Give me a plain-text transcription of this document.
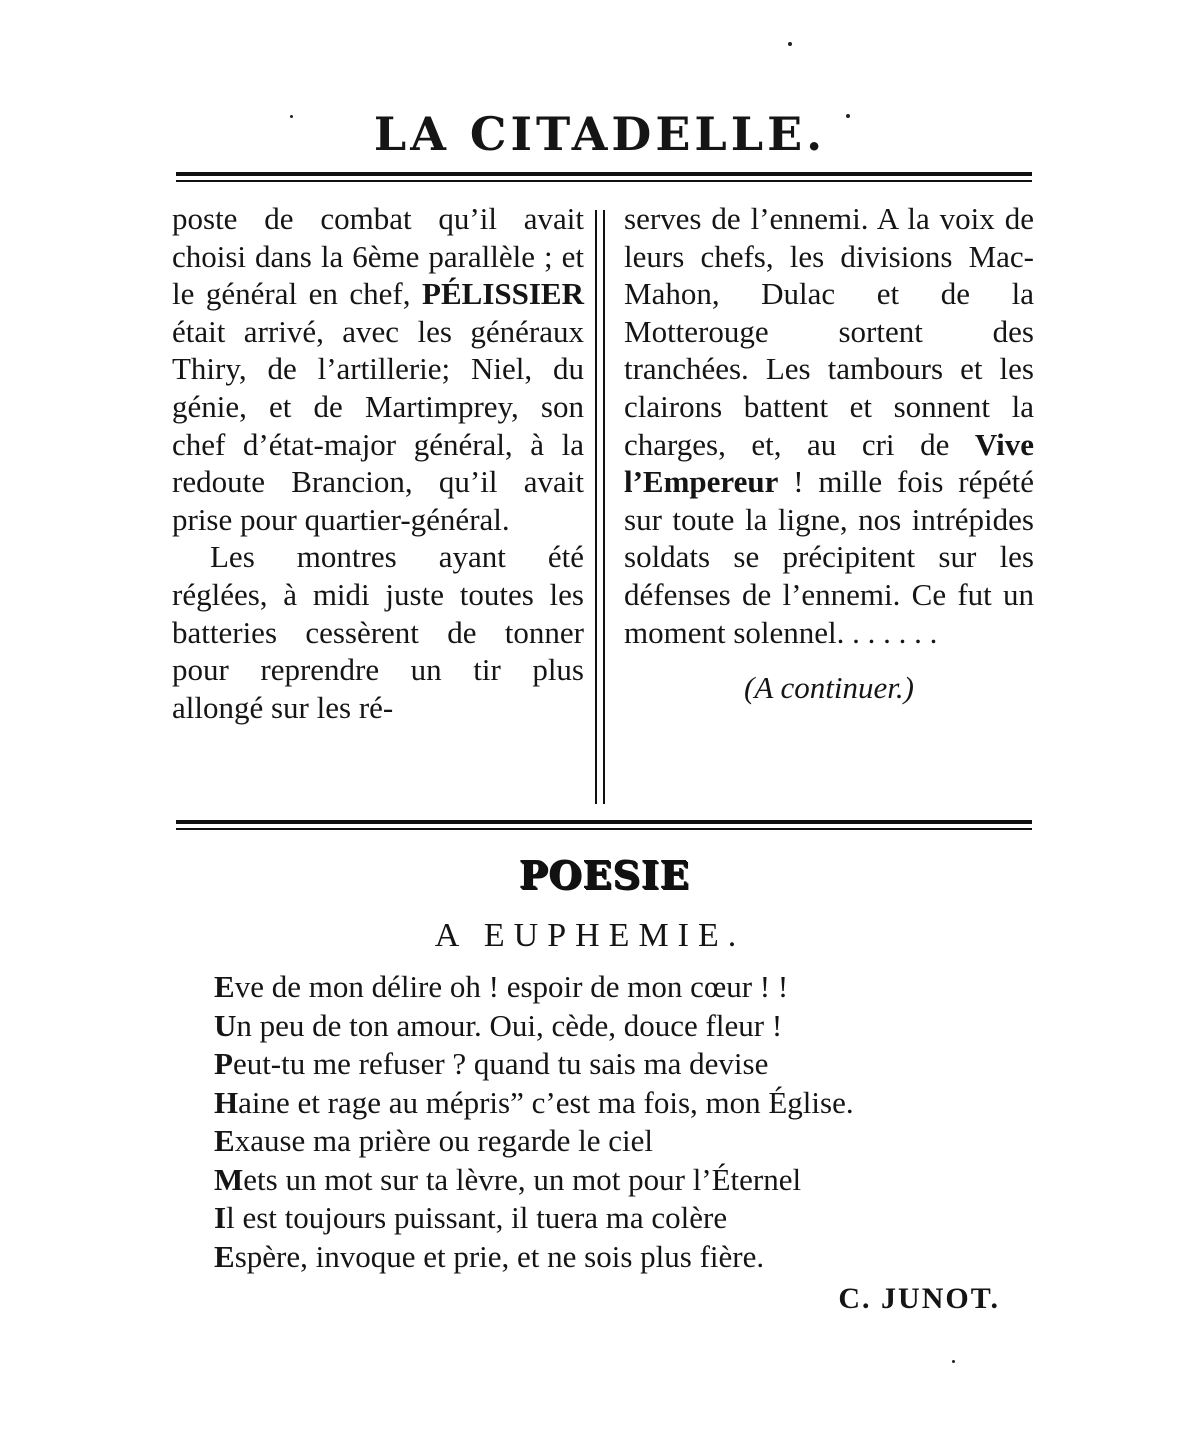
LA CITADELLE.

poste de combat qu’il avait choisi dans la 6ème parallèle ; et le général en chef, PÉLISSIER était arrivé, avec les généraux Thiry, de l’artillerie; Niel, du génie, et de Martimprey, son chef d’état-major général, à la redoute Brancion, qu’il avait prise pour quartier-général.

Les montres ayant été réglées, à midi juste toutes les batteries cessèrent de tonner pour reprendre un tir plus allongé sur les ré-

serves de l’ennemi. A la voix de leurs chefs, les divisions Mac-Mahon, Dulac et de la Motterouge sortent des tranchées. Les tambours et les clairons battent et sonnent la charges, et, au cri de Vive l’Empereur ! mille fois répété sur toute la ligne, nos intrépides soldats se précipitent sur les défenses de l’ennemi. Ce fut un moment solennel. . . . . . .

(A continuer.)

POESIE
A EUPHEMIE.
Eve de mon délire oh ! espoir de mon cœur ! !
Un peu de ton amour. Oui, cède, douce fleur !
Peut-tu me refuser ? quand tu sais ma devise
Haine et rage au mépris” c’est ma fois, mon Église.
Exause ma prière ou regarde le ciel
Mets un mot sur ta lèvre, un mot pour l’Éternel
Il est toujours puissant, il tuera ma colère
Espère, invoque et prie, et ne sois plus fière.
C. JUNOT.
